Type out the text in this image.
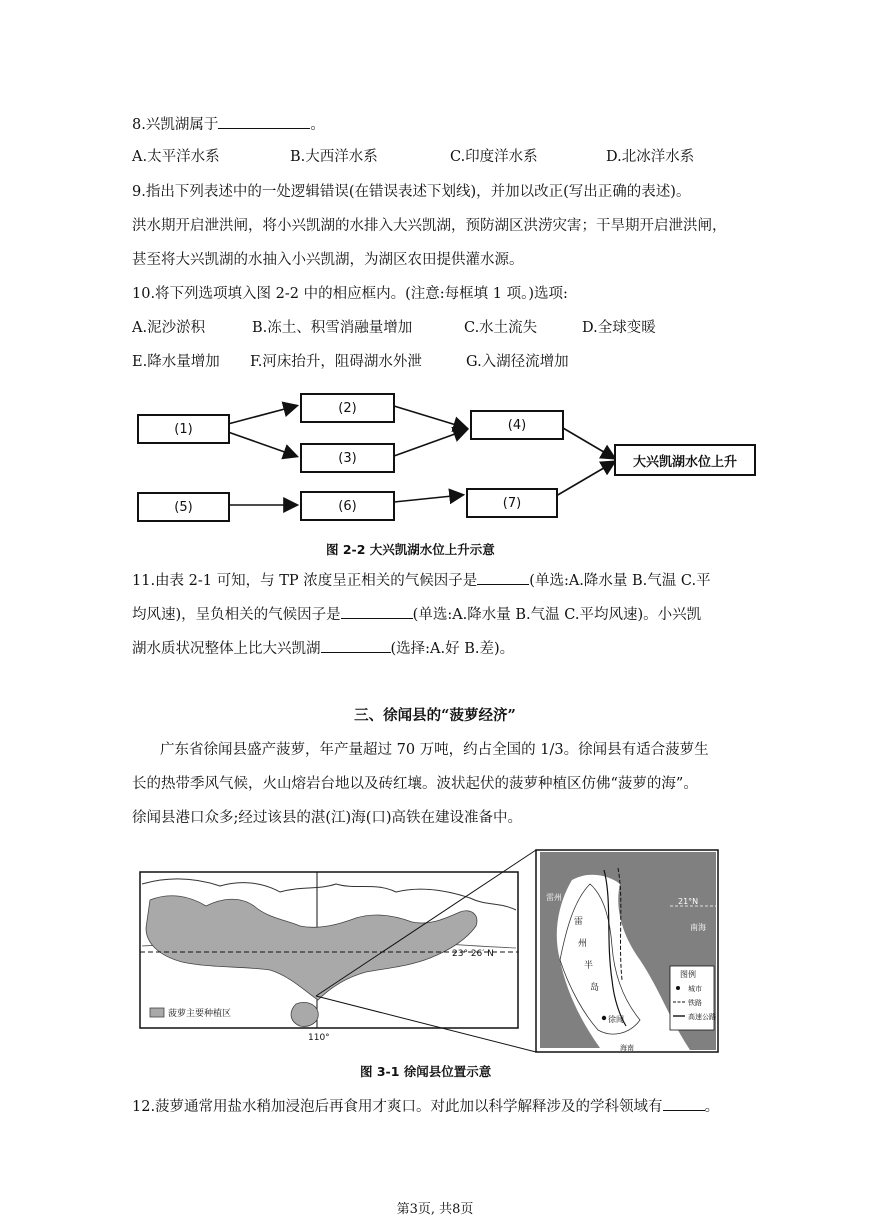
8.兴凯湖属于	。
A.太平洋水系	B.大西洋水系	C.印度洋水系	D.北冰洋水系
9.指出下列表述中的一处逻辑错误(在错误表述下划线)，并加以改正(写出正确的表述)。
洪水期开启泄洪闸，将小兴凯湖的水排入大兴凯湖，预防湖区洪涝灾害；干旱期开启泄洪闸，
甚至将大兴凯湖的水抽入小兴凯湖，为湖区农田提供灌水源。
10.将下列选项填入图 2-2 中的相应框内。(注意:每框填 1 项。)选项:
A.泥沙淤积	B.冻土、积雪消融量增加	C.水土流失	D.全球变暖
E.降水量增加 F.河床抬升，阻碍湖水外泄	G.入湖径流增加
(1)
(2)
(3)
(4)
(5)	(6)	(7)
大兴凯湖水位上升
图 2-2 大兴凯湖水位上升示意
11.由表 2-1 可知，与 TP 浓度呈正相关的气候因子是	(单选:A.降水量 B.气温 C.平
均风速)，呈负相关的气候因子是	(单选:A.降水量 B.气温 C.平均风速)。小兴凯
湖水质状况整体上比大兴凯湖	(选择:A.好 B.差)。
三、徐闻县的“菠萝经济”
广东省徐闻县盛产菠萝，年产量超过 70 万吨，约占全国的 1/3。徐闻县有适合菠萝生
长的热带季风气候，火山熔岩台地以及砖红壤。波状起伏的菠萝种植区仿佛“菠萝的海”。
徐闻县港口众多;经过该县的湛(江)海(口)高铁在建设准备中。
23° 26′ N
110°
菠萝主要种植区
21°N
南海
雷州
雷
州
半
岛
徐闻
琼州海峡
海南
图例
城市
铁路
高速公路
图 3-1 徐闻县位置示意
12.菠萝通常用盐水稍加浸泡后再食用才爽口。对此加以科学解释涉及的学科领域有	。
第3页, 共8页
